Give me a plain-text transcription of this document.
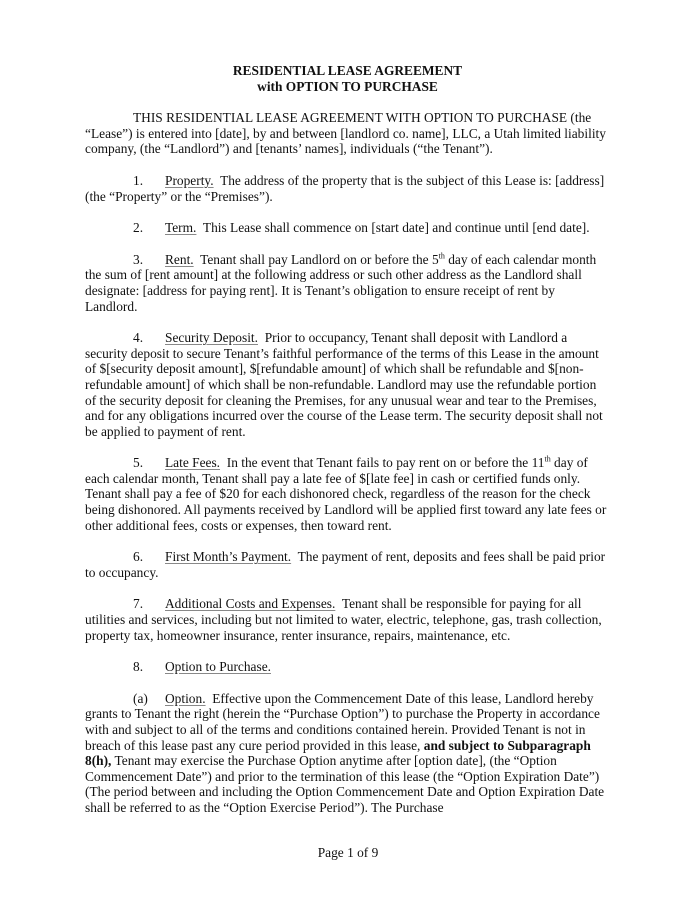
RESIDENTIAL LEASE AGREEMENT

with OPTION TO PURCHASE

THIS RESIDENTIAL LEASE AGREEMENT WITH OPTION TO PURCHASE (the “Lease”) is entered into [date], by and between [landlord co. name], LLC, a Utah limited liability company, (the “Landlord”) and [tenants’ names], individuals (“the Tenant”).

1. Property. The address of the property that is the subject of this Lease is: [address] (the “Property” or the “Premises”).

2. Term. This Lease shall commence on [start date] and continue until [end date].

3. Rent. Tenant shall pay Landlord on or before the 5th day of each calendar month the sum of [rent amount] at the following address or such other address as the Landlord shall designate: [address for paying rent]. It is Tenant’s obligation to ensure receipt of rent by Landlord.

4. Security Deposit. Prior to occupancy, Tenant shall deposit with Landlord a security deposit to secure Tenant’s faithful performance of the terms of this Lease in the amount of $[security deposit amount], $[refundable amount] of which shall be refundable and $[non-refundable amount] of which shall be non-refundable. Landlord may use the refundable portion of the security deposit for cleaning the Premises, for any unusual wear and tear to the Premises, and for any obligations incurred over the course of the Lease term. The security deposit shall not be applied to payment of rent.

5. Late Fees. In the event that Tenant fails to pay rent on or before the 11th day of each calendar month, Tenant shall pay a late fee of $[late fee] in cash or certified funds only. Tenant shall pay a fee of $20 for each dishonored check, regardless of the reason for the check being dishonored. All payments received by Landlord will be applied first toward any late fees or other additional fees, costs or expenses, then toward rent.

6. First Month’s Payment. The payment of rent, deposits and fees shall be paid prior to occupancy.

7. Additional Costs and Expenses. Tenant shall be responsible for paying for all utilities and services, including but not limited to water, electric, telephone, gas, trash collection, property tax, homeowner insurance, renter insurance, repairs, maintenance, etc.

8. Option to Purchase.

(a) Option. Effective upon the Commencement Date of this lease, Landlord hereby grants to Tenant the right (herein the “Purchase Option”) to purchase the Property in accordance with and subject to all of the terms and conditions contained herein. Provided Tenant is not in breach of this lease past any cure period provided in this lease, and subject to Subparagraph 8(h), Tenant may exercise the Purchase Option anytime after [option date], (the “Option Commencement Date”) and prior to the termination of this lease (the “Option Expiration Date”) (The period between and including the Option Commencement Date and Option Expiration Date shall be referred to as the “Option Exercise Period”). The Purchase

Page 1 of 9
